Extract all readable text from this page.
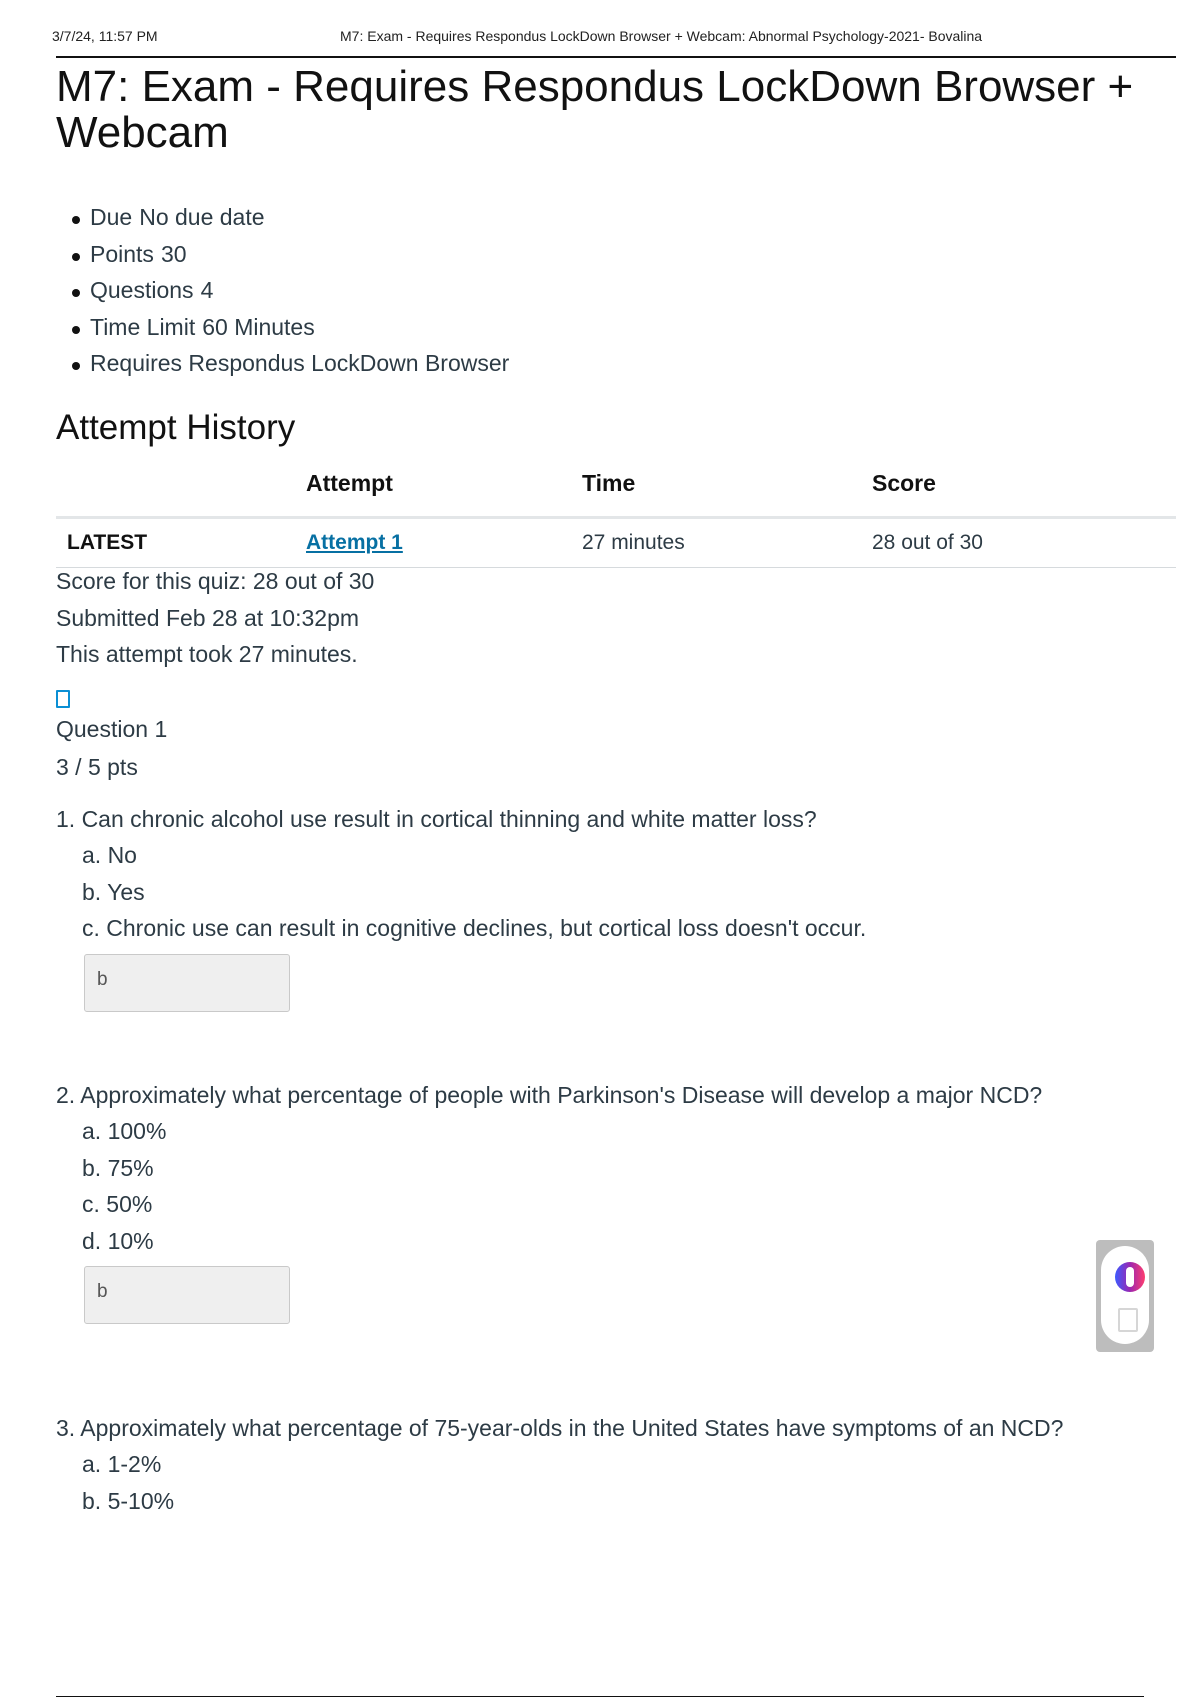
3/7/24, 11:57 PM	M7: Exam - Requires Respondus LockDown Browser + Webcam: Abnormal Psychology-2021- Bovalina
M7: Exam - Requires Respondus LockDown Browser + Webcam
Due No due date
Points 30
Questions 4
Time Limit 60 Minutes
Requires Respondus LockDown Browser
Attempt History
	Attempt	Time	Score
LATEST	Attempt 1	27 minutes	28 out of 30
Score for this quiz: 28 out of 30
Submitted Feb 28 at 10:32pm
This attempt took 27 minutes.
Question 1
3 / 5 pts
1. Can chronic alcohol use result in cortical thinning and white matter loss?
a. No
b. Yes
c. Chronic use can result in cognitive declines, but cortical loss doesn't occur.
b
2. Approximately what percentage of people with Parkinson's Disease will develop a major NCD?
a. 100%
b. 75%
c. 50%
d. 10%
b
3. Approximately what percentage of 75-year-olds in the United States have symptoms of an NCD?
a. 1-2%
b. 5-10%
